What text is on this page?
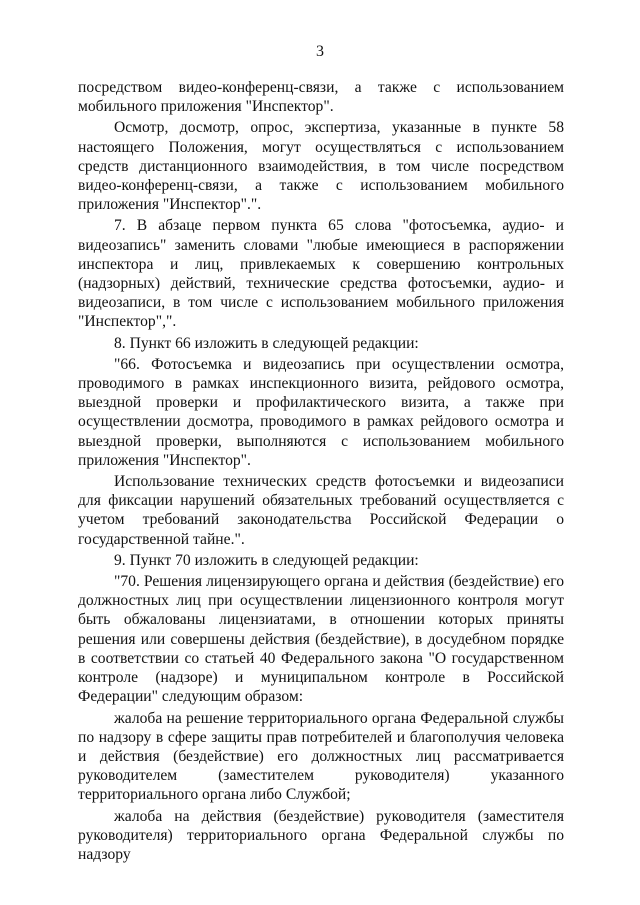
3

посредством видео-конференц-связи, а также с использованием мобильного приложения "Инспектор".

Осмотр, досмотр, опрос, экспертиза, указанные в пункте 58 настоящего Положения, могут осуществляться с использованием средств дистанционного взаимодействия, в том числе посредством видео-конференц-связи, а также с использованием мобильного приложения "Инспектор".".

7. В абзаце первом пункта 65 слова "фотосъемка, аудио- и видеозапись" заменить словами "любые имеющиеся в распоряжении инспектора и лиц, привлекаемых к совершению контрольных (надзорных) действий, технические средства фотосъемки, аудио- и видеозаписи, в том числе с использованием мобильного приложения "Инспектор",".

8. Пункт 66 изложить в следующей редакции:

"66. Фотосъемка и видеозапись при осуществлении осмотра, проводимого в рамках инспекционного визита, рейдового осмотра, выездной проверки и профилактического визита, а также при осуществлении досмотра, проводимого в рамках рейдового осмотра и выездной проверки, выполняются с использованием мобильного приложения "Инспектор".

Использование технических средств фотосъемки и видеозаписи для фиксации нарушений обязательных требований осуществляется с учетом требований законодательства Российской Федерации о государственной тайне.".

9. Пункт 70 изложить в следующей редакции:

"70. Решения лицензирующего органа и действия (бездействие) его должностных лиц при осуществлении лицензионного контроля могут быть обжалованы лицензиатами, в отношении которых приняты решения или совершены действия (бездействие), в досудебном порядке в соответствии со статьей 40 Федерального закона "О государственном контроле (надзоре) и муниципальном контроле в Российской Федерации" следующим образом:

жалоба на решение территориального органа Федеральной службы по надзору в сфере защиты прав потребителей и благополучия человека и действия (бездействие) его должностных лиц рассматривается руководителем (заместителем руководителя) указанного территориального органа либо Службой;

жалоба на действия (бездействие) руководителя (заместителя руководителя) территориального органа Федеральной службы по надзору
